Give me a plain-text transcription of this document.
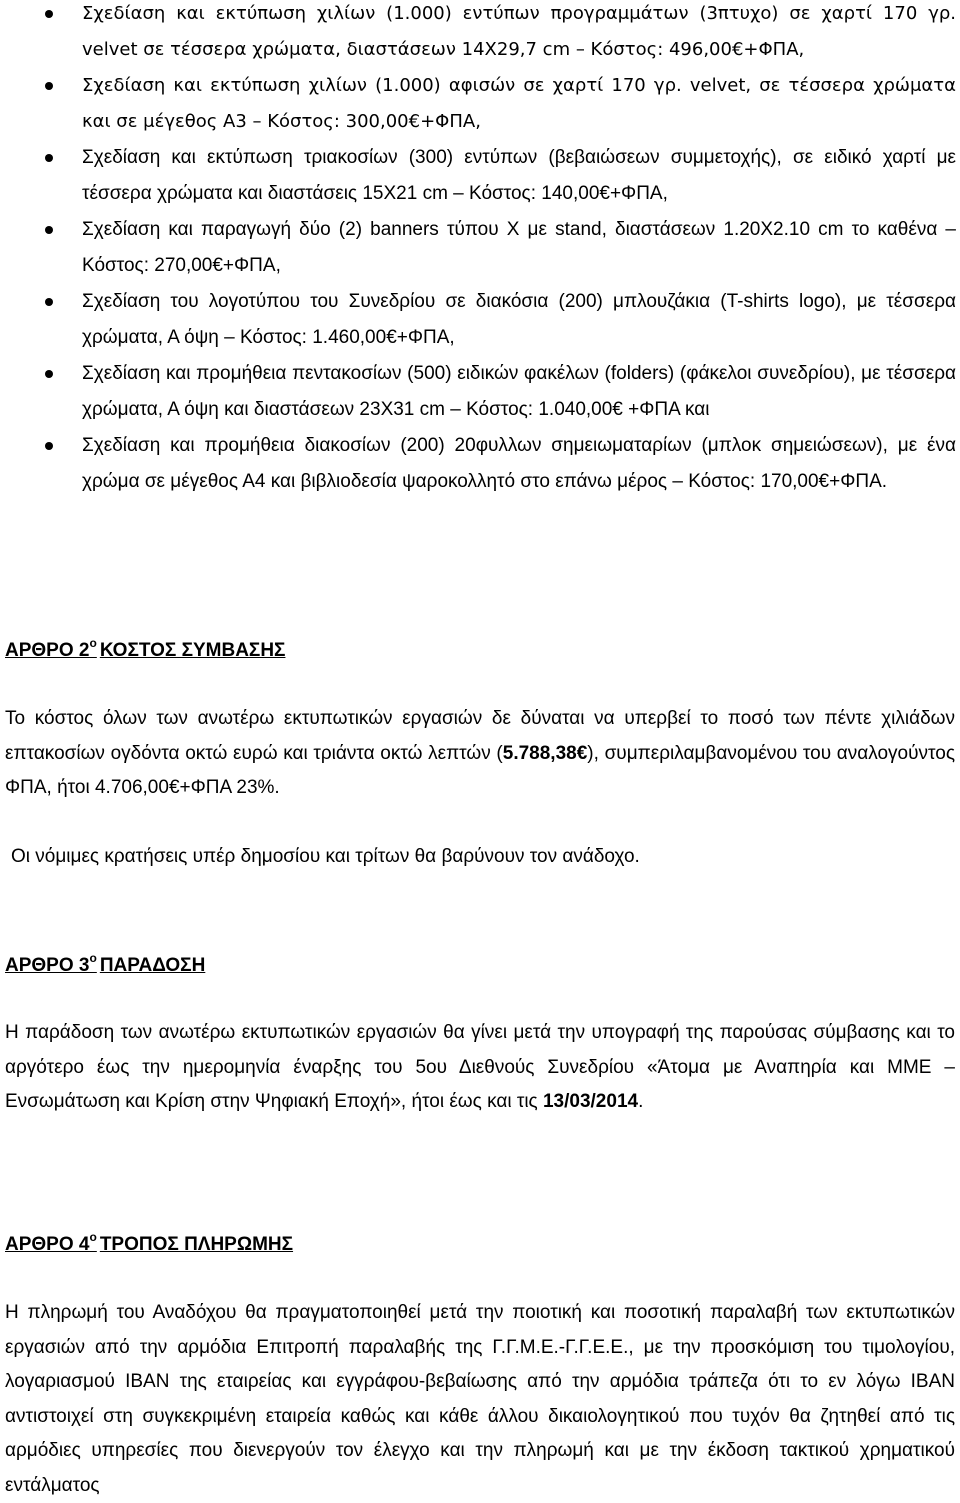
Σχεδίαση και εκτύπωση χιλίων (1.000) εντύπων προγραμμάτων (3πτυχο) σε χαρτί 170 γρ. velvet σε τέσσερα χρώματα, διαστάσεων 14Χ29,7 cm – Κόστος: 496,00€+ΦΠΑ,
Σχεδίαση και εκτύπωση χιλίων (1.000) αφισών σε χαρτί 170 γρ. velvet, σε τέσσερα χρώματα και σε μέγεθος Α3 – Κόστος: 300,00€+ΦΠΑ,
Σχεδίαση και εκτύπωση τριακοσίων (300) εντύπων (βεβαιώσεων συμμετοχής), σε ειδικό χαρτί με τέσσερα χρώματα και διαστάσεις 15Χ21 cm – Κόστος: 140,00€+ΦΠΑ,
Σχεδίαση και παραγωγή δύο (2) banners τύπου Χ με stand, διαστάσεων 1.20Χ2.10 cm το καθένα – Κόστος: 270,00€+ΦΠΑ,
Σχεδίαση του λογοτύπου του Συνεδρίου σε διακόσια (200) μπλουζάκια (T-shirts logo), με τέσσερα χρώματα, Α όψη – Κόστος: 1.460,00€+ΦΠΑ,
Σχεδίαση και προμήθεια πεντακοσίων (500) ειδικών φακέλων (folders) (φάκελοι συνεδρίου), με τέσσερα χρώματα, Α όψη και διαστάσεων 23Χ31 cm – Κόστος: 1.040,00€ +ΦΠΑ και
Σχεδίαση και προμήθεια διακοσίων (200) 20φυλλων σημειωματαρίων (μπλοκ σημειώσεων), με ένα χρώμα σε μέγεθος Α4 και βιβλιοδεσία ψαροκολλητό στο επάνω μέρος – Κόστος: 170,00€+ΦΠΑ.
ΑΡΘΡΟ $2^o$ ΚΟΣΤΟΣ ΣΥΜΒΑΣΗΣ
Το κόστος όλων των ανωτέρω εκτυπωτικών εργασιών δε δύναται να υπερβεί το ποσό των πέντε χιλιάδων επτακοσίων ογδόντα οκτώ ευρώ και τριάντα οκτώ λεπτών (5.788,38€), συμπεριλαμβανομένου του αναλογούντος ΦΠΑ, ήτοι 4.706,00€+ΦΠΑ 23%.
Οι νόμιμες κρατήσεις υπέρ δημοσίου και τρίτων θα βαρύνουν τον ανάδοχο.
ΑΡΘΡΟ $3^o$ ΠΑΡΑΔΟΣΗ
Η παράδοση των ανωτέρω εκτυπωτικών εργασιών θα γίνει μετά την υπογραφή της παρούσας σύμβασης και το αργότερο έως την ημερομηνία έναρξης του 5ου Διεθνούς Συνεδρίου «Άτομα με Αναπηρία και ΜΜΕ – Ενσωμάτωση και Κρίση στην Ψηφιακή Εποχή», ήτοι έως και τις 13/03/2014.
ΑΡΘΡΟ $4^o$ ΤΡΟΠΟΣ ΠΛΗΡΩΜΗΣ
Η πληρωμή του Αναδόχου θα πραγματοποιηθεί μετά την ποιοτική και ποσοτική παραλαβή των εκτυπωτικών εργασιών από την αρμόδια Επιτροπή παραλαβής της Γ.Γ.Μ.Ε.-Γ.Γ.Ε.Ε., με την προσκόμιση του τιμολογίου, λογαριασμού IBAN της εταιρείας και εγγράφου-βεβαίωσης από την αρμόδια τράπεζα ότι το εν λόγω IBAN αντιστοιχεί στη συγκεκριμένη εταιρεία καθώς και κάθε άλλου δικαιολογητικού που τυχόν θα ζητηθεί από τις αρμόδιες υπηρεσίες που διενεργούν τον έλεγχο και την πληρωμή και με την έκδοση τακτικού χρηματικού εντάλματος
